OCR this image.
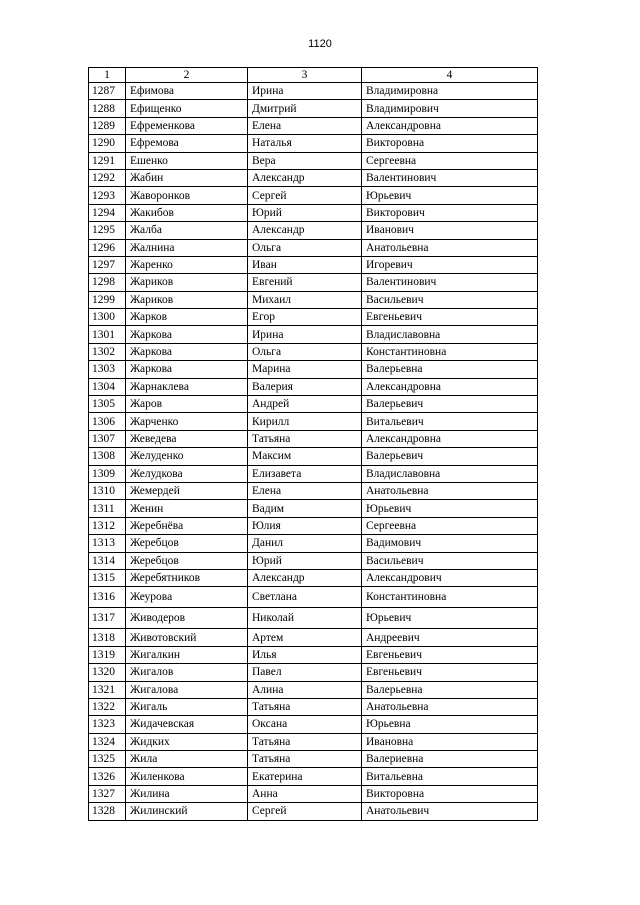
1120
1	2	3	4
1287	Ефимова	Ирина	Владимировна
1288	Ефищенко	Дмитрий	Владимирович
1289	Ефременкова	Елена	Александровна
1290	Ефремова	Наталья	Викторовна
1291	Ешенко	Вера	Сергеевна
1292	Жабин	Александр	Валентинович
1293	Жаворонков	Сергей	Юрьевич
1294	Жакибов	Юрий	Викторович
1295	Жалба	Александр	Иванович
1296	Жалнина	Ольга	Анатольевна
1297	Жаренко	Иван	Игоревич
1298	Жариков	Евгений	Валентинович
1299	Жариков	Михаил	Васильевич
1300	Жарков	Егор	Евгеньевич
1301	Жаркова	Ирина	Владиславовна
1302	Жаркова	Ольга	Константиновна
1303	Жаркова	Марина	Валерьевна
1304	Жарнаклева	Валерия	Александровна
1305	Жаров	Андрей	Валерьевич
1306	Жарченко	Кирилл	Витальевич
1307	Жеведева	Татьяна	Александровна
1308	Желуденко	Максим	Валерьевич
1309	Желудкова	Елизавета	Владиславовна
1310	Жемердей	Елена	Анатольевна
1311	Женин	Вадим	Юрьевич
1312	Жеребнёва	Юлия	Сергеевна
1313	Жеребцов	Данил	Вадимович
1314	Жеребцов	Юрий	Васильевич
1315	Жеребятников	Александр	Александрович
1316	Жеурова	Светлана	Константиновна
1317	Живодеров	Николай	Юрьевич
1318	Животовский	Артем	Андреевич
1319	Жигалкин	Илья	Евгеньевич
1320	Жигалов	Павел	Евгеньевич
1321	Жигалова	Алина	Валерьевна
1322	Жигаль	Татьяна	Анатольевна
1323	Жидачевская	Оксана	Юрьевна
1324	Жидких	Татьяна	Ивановна
1325	Жила	Татьяна	Валериевна
1326	Жиленкова	Екатерина	Витальевна
1327	Жилина	Анна	Викторовна
1328	Жилинский	Сергей	Анатольевич
